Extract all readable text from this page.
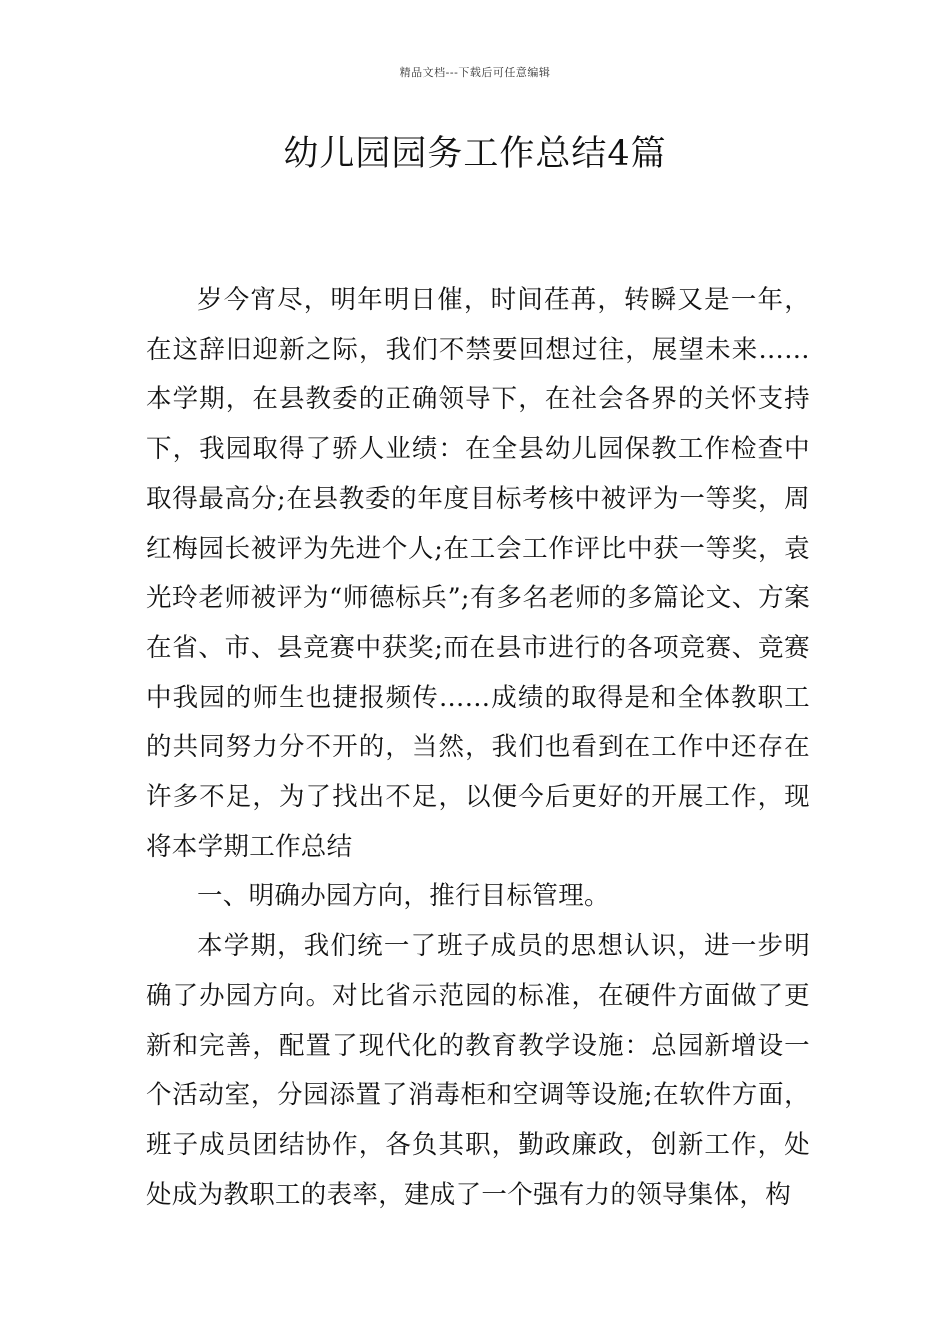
精品文档---下载后可任意编辑
幼儿园园务工作总结4篇

岁今宵尽，明年明日催，时间荏苒，转瞬又是一年，在这辞旧迎新之际，我们不禁要回想过往，展望未来……本学期，在县教委的正确领导下，在社会各界的关怀支持下，我园取得了骄人业绩：在全县幼儿园保教工作检查中取得最高分;在县教委的年度目标考核中被评为一等奖，周红梅园长被评为先进个人;在工会工作评比中获一等奖，袁光玲老师被评为“师德标兵”;有多名老师的多篇论文、方案在省、市、县竞赛中获奖;而在县市进行的各项竞赛、竞赛中我园的师生也捷报频传……成绩的取得是和全体教职工的共同努力分不开的，当然，我们也看到在工作中还存在许多不足，为了找出不足，以便今后更好的开展工作，现将本学期工作总结

一、明确办园方向，推行目标管理。

本学期，我们统一了班子成员的思想认识，进一步明确了办园方向。对比省示范园的标准，在硬件方面做了更新和完善，配置了现代化的教育教学设施：总园新增设一个活动室，分园添置了消毒柜和空调等设施;在软件方面，班子成员团结协作，各负其职，勤政廉政，创新工作，处处成为教职工的表率，建成了一个强有力的领导集体，构
